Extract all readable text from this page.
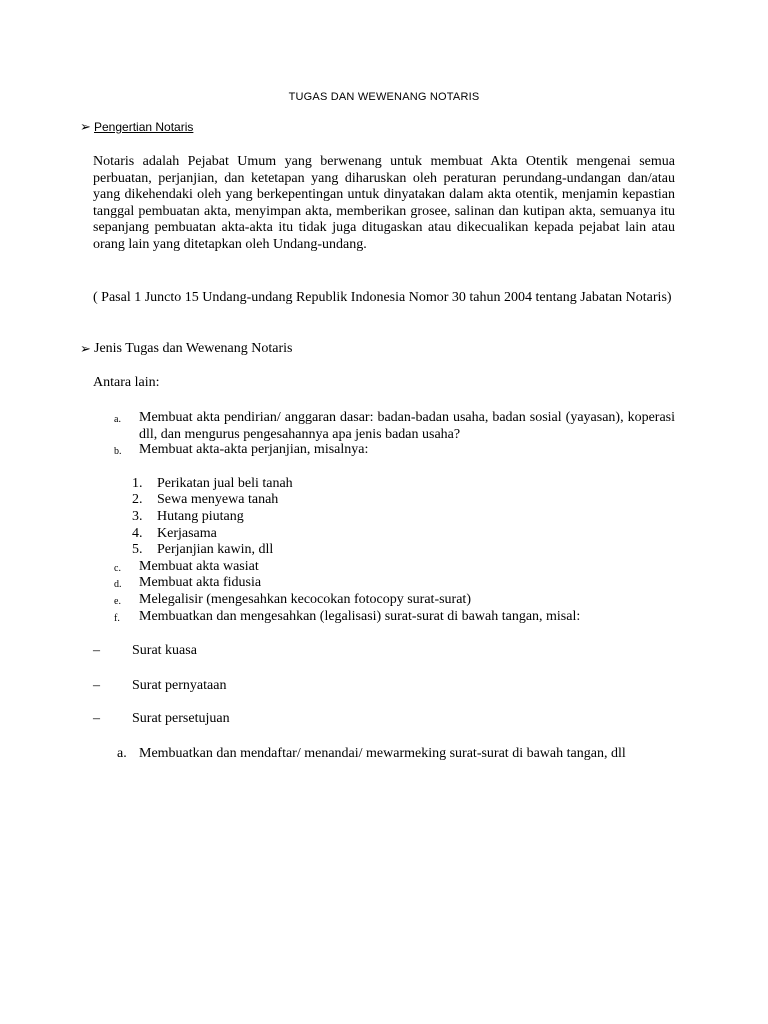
TUGAS DAN WEWENANG NOTARIS
➢ Pengertian Notaris
Notaris adalah Pejabat Umum yang berwenang untuk membuat Akta Otentik mengenai semua perbuatan, perjanjian, dan ketetapan yang diharuskan oleh peraturan perundang-undangan dan/atau yang dikehendaki oleh yang berkepentingan untuk dinyatakan dalam akta otentik, menjamin kepastian tanggal pembuatan akta, menyimpan akta, memberikan grosee, salinan dan kutipan akta, semuanya itu sepanjang pembuatan akta-akta itu tidak juga ditugaskan atau dikecualikan kepada pejabat lain atau orang lain yang ditetapkan oleh Undang-undang.
( Pasal 1 Juncto 15 Undang-undang Republik Indonesia Nomor 30 tahun 2004 tentang Jabatan Notaris)
➢ Jenis Tugas dan Wewenang Notaris
Antara lain:
a. Membuat akta pendirian/ anggaran dasar: badan-badan usaha, badan sosial (yayasan), koperasi dll, dan mengurus pengesahannya apa jenis badan usaha?
b. Membuat akta-akta perjanjian, misalnya:
1. Perikatan jual beli tanah
2. Sewa menyewa tanah
3. Hutang piutang
4. Kerjasama
5. Perjanjian kawin, dll
c. Membuat akta wasiat
d. Membuat akta fidusia
e. Melegalisir (mengesahkan kecocokan fotocopy surat-surat)
f. Membuatkan dan mengesahkan (legalisasi) surat-surat di bawah tangan, misal:
– Surat kuasa
– Surat pernyataan
– Surat persetujuan
a. Membuatkan dan mendaftar/ menandai/ mewarmeking surat-surat di bawah tangan, dll
